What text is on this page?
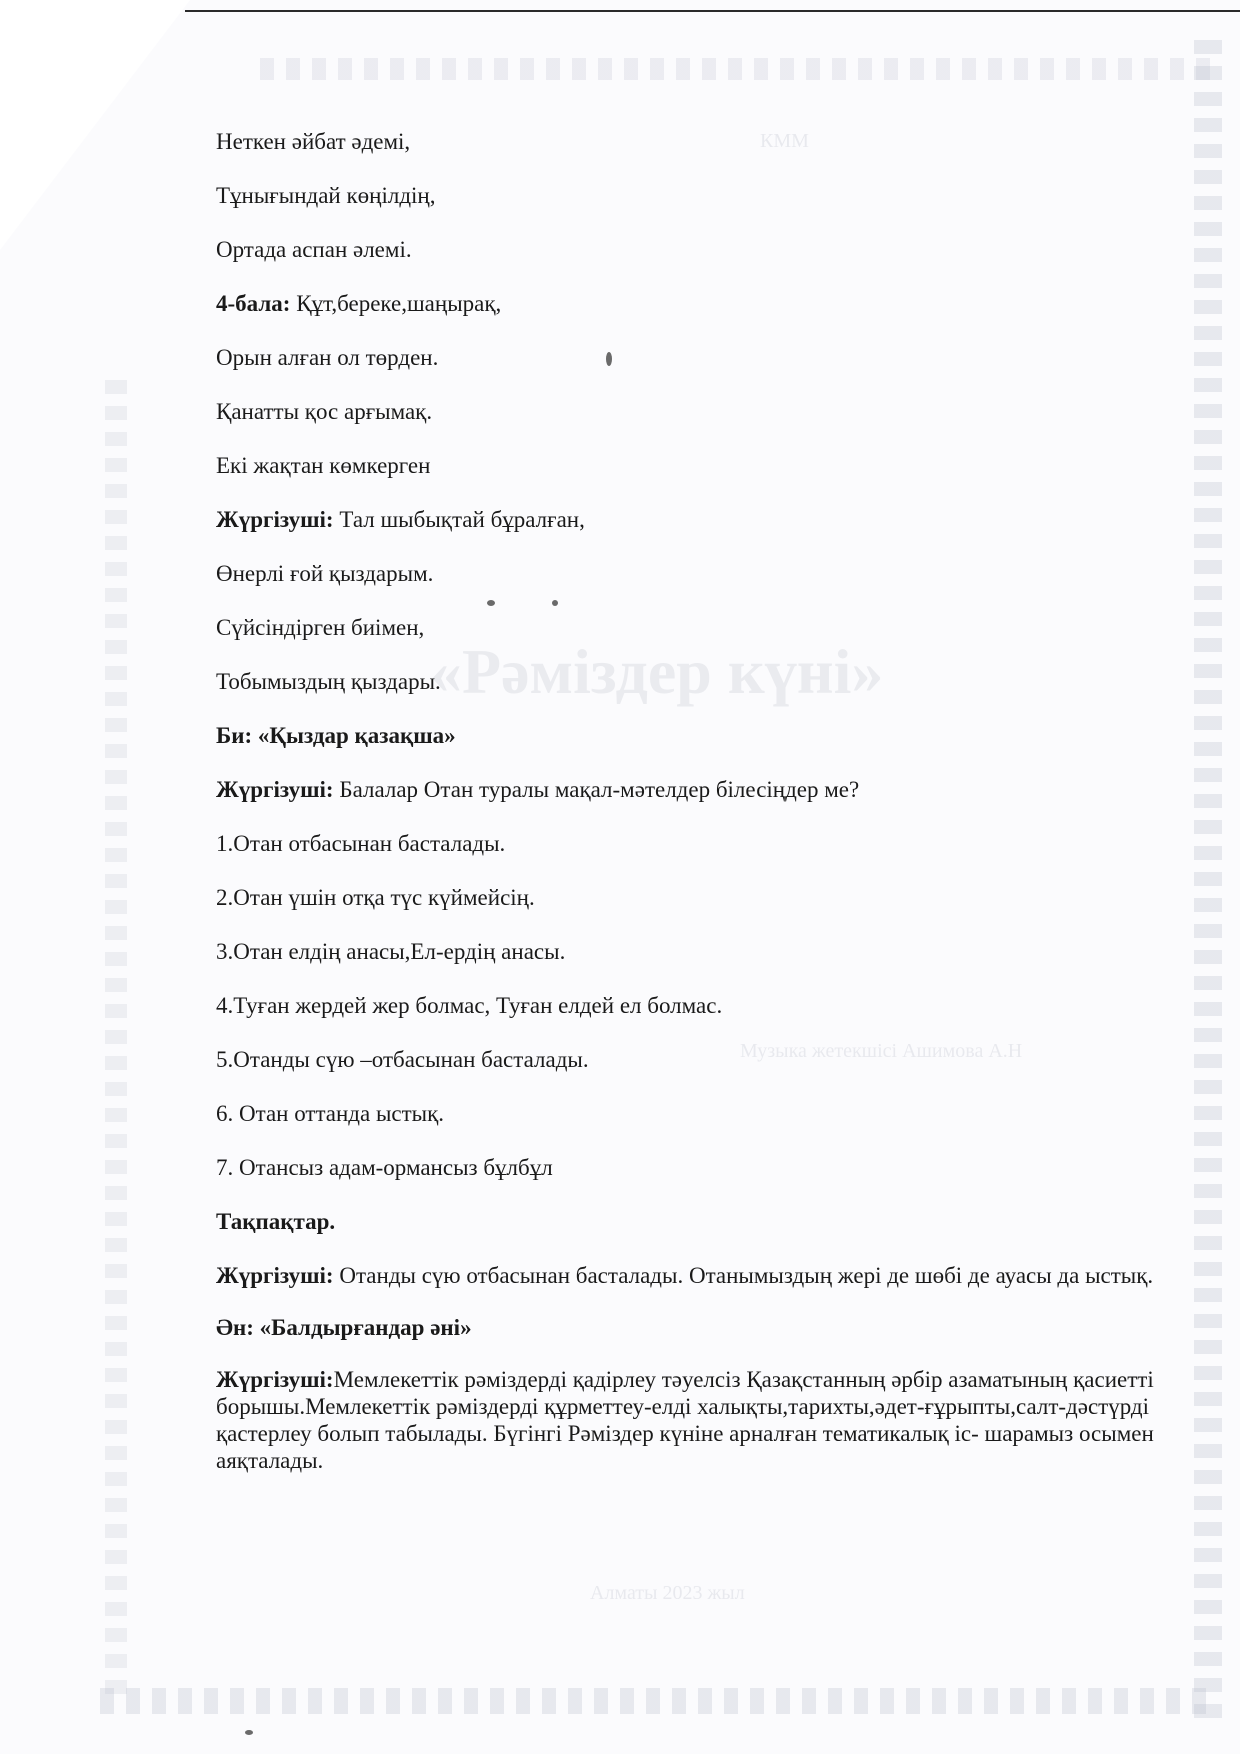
«Рәміздер күні»
КММ
Музыка жетекшісі Ашимова А.Н
Алматы 2023 жыл
Неткен әйбат әдемі,
Тұнығындай көңілдің,
Ортада аспан әлемі.
4-бала: Құт,береке,шаңырақ,
Орын алған ол төрден.
Қанатты қос арғымақ.
Екі жақтан көмкерген
Жүргізуші: Тал шыбықтай бұралған,
Өнерлі ғой қыздарым.
Сүйсіндірген биімен,
Тобымыздың қыздары.
Би: «Қыздар қазақша»
Жүргізуші: Балалар Отан туралы мақал-мәтелдер білесіңдер ме?
1.Отан отбасынан басталады.
2.Отан үшін отқа түс күймейсің.
3.Отан елдің анасы,Ел-ердің анасы.
4.Туған жердей жер болмас, Туған елдей ел болмас.
5.Отанды сүю –отбасынан басталады.
6. Отан оттанда ыстық.
7. Отансыз адам-ормансыз бұлбұл
Тақпақтар.
Жүргізуші: Отанды сүю отбасынан басталады. Отанымыздың жері де шөбі де ауасы да ыстық.
Ән: «Балдырғандар әні»
Жүргізуші:Мемлекеттік рәміздерді қадірлеу тәуелсіз Қазақстанның әрбір азаматының қасиетті борышы.Мемлекеттік рәміздерді құрметтеу-елді халықты,тарихты,әдет-ғұрыпты,салт-дәстүрді қастерлеу болып табылады. Бүгінгі Рәміздер күніне арналған тематикалық іс- шарамыз осымен аяқталады.
